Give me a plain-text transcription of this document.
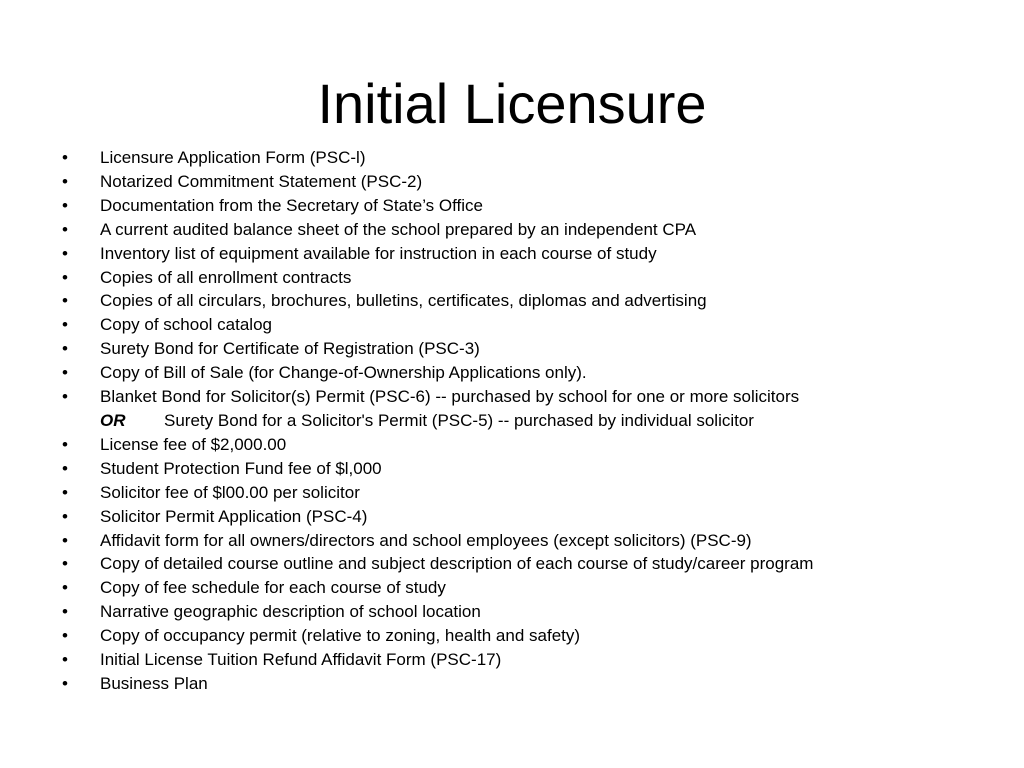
Initial Licensure
• Licensure Application Form (PSC-l)
• Notarized Commitment Statement (PSC-2)
• Documentation from the Secretary of State’s Office
• A current audited balance sheet of the school prepared by an independent CPA
• Inventory list of equipment available for instruction in each course of study
• Copies of all enrollment contracts
• Copies of all circulars, brochures, bulletins, certificates, diplomas and advertising
• Copy of school catalog
• Surety Bond for Certificate of Registration (PSC-3)
• Copy of Bill of Sale (for Change-of-Ownership Applications only).
• Blanket Bond for Solicitor(s) Permit (PSC-6) -- purchased by school for one or more solicitors
OR Surety Bond for a Solicitor's Permit (PSC-5) -- purchased by individual solicitor
• License fee of $2,000.00
• Student Protection Fund fee of $l,000
• Solicitor fee of $l00.00 per solicitor
• Solicitor Permit Application (PSC-4)
• Affidavit form for all owners/directors and school employees (except solicitors) (PSC-9)
• Copy of detailed course outline and subject description of each course of study/career program
• Copy of fee schedule for each course of study
• Narrative geographic description of school location
• Copy of occupancy permit (relative to zoning, health and safety)
• Initial License Tuition Refund Affidavit Form (PSC-17)
• Business Plan
